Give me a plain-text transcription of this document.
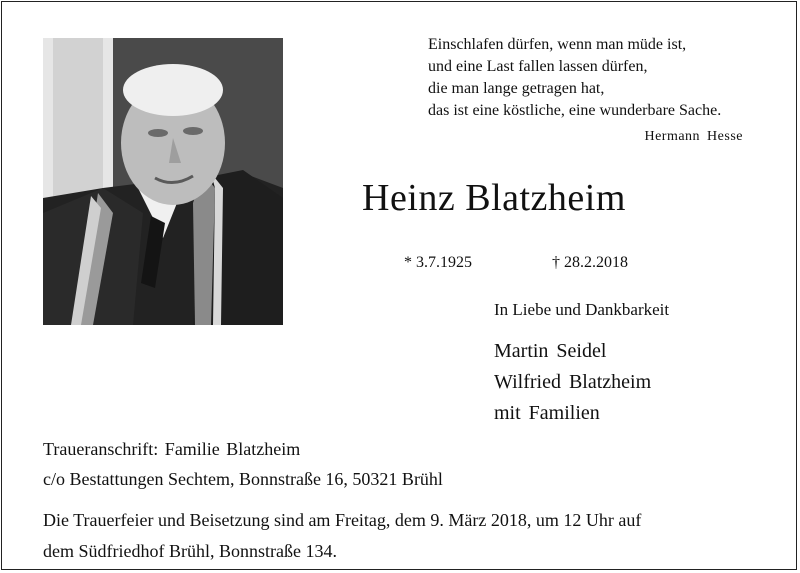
Einschlafen dürfen, wenn man müde ist,
und eine Last fallen lassen dürfen,
die man lange getragen hat,
das ist eine köstliche, eine wunderbare Sache.
Hermann Hesse
Heinz Blatzheim
* 3.7.1925	† 28.2.2018
In Liebe und Dankbarkeit
Martin Seidel
Wilfried Blatzheim
mit Familien
Traueranschrift: Familie Blatzheim
c/o Bestattungen Sechtem, Bonnstraße 16, 50321 Brühl
Die Trauerfeier und Beisetzung sind am Freitag, dem 9. März 2018, um 12 Uhr auf
dem Südfriedhof Brühl, Bonnstraße 134.
